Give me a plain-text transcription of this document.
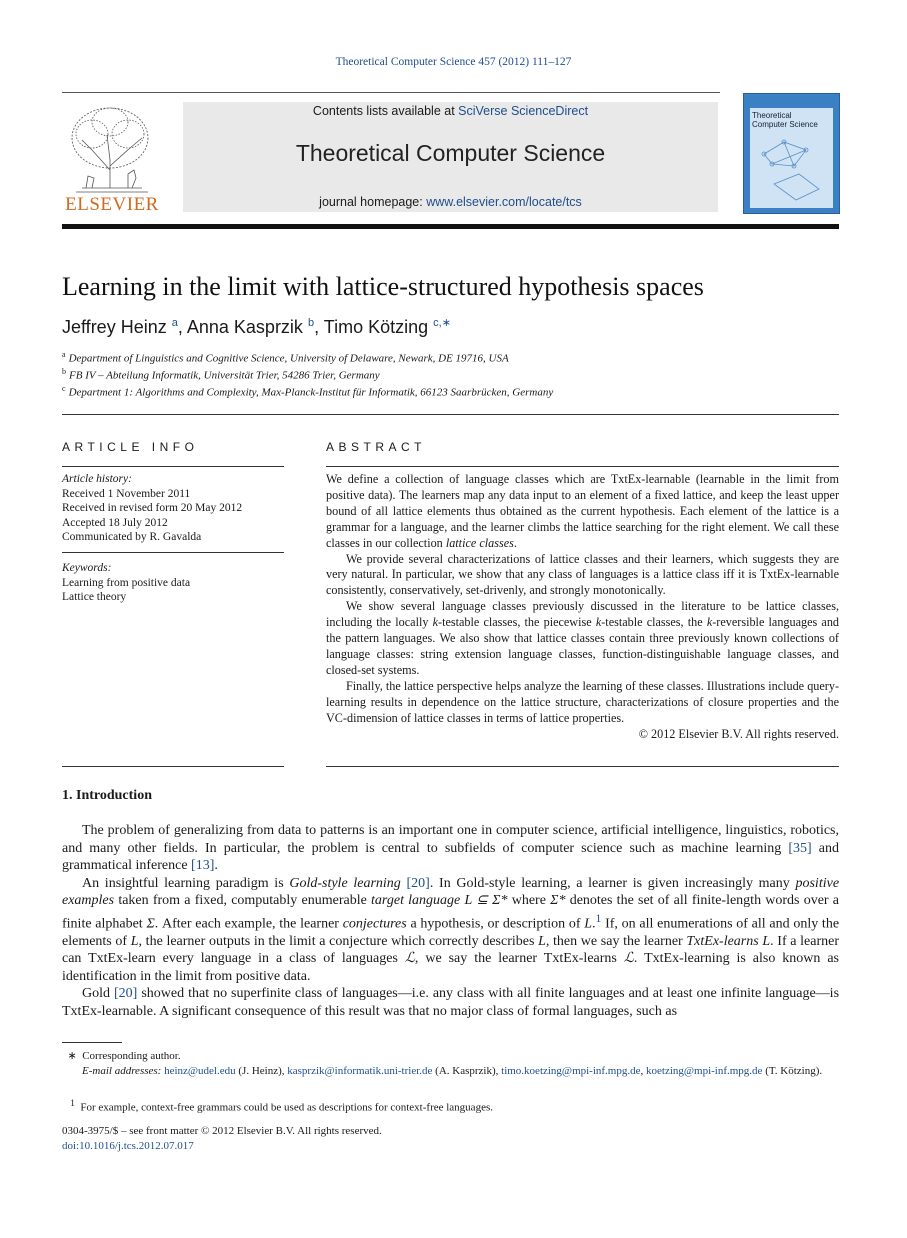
Theoretical Computer Science 457 (2012) 111–127
ELSEVIER
Contents lists available at SciVerse ScienceDirect
Theoretical Computer Science
journal homepage: www.elsevier.com/locate/tcs
Theoretical
Computer Science
Learning in the limit with lattice-structured hypothesis spaces
Jeffrey Heinz $^a$, Anna Kasprzik $^b$, Timo Kötzing $^{c,∗}$
$^a$ Department of Linguistics and Cognitive Science, University of Delaware, Newark, DE 19716, USA
$^b$ FB IV – Abteilung Informatik, Universität Trier, 54286 Trier, Germany
$^c$ Department 1: Algorithms and Complexity, Max-Planck-Institut für Informatik, 66123 Saarbrücken, Germany
ARTICLE INFO
Article history:
Received 1 November 2011
Received in revised form 20 May 2012
Accepted 18 July 2012
Communicated by R. Gavalda
Keywords:
Learning from positive data
Lattice theory
ABSTRACT

We define a collection of language classes which are TxtEx-learnable (learnable in the limit from positive data). The learners map any data input to an element of a fixed lattice, and keep the least upper bound of all lattice elements thus obtained as the current hypothesis. Each element of the lattice is a grammar for a language, and the learner climbs the lattice searching for the right element. We call these classes in our collection lattice classes.

We provide several characterizations of lattice classes and their learners, which suggests they are very natural. In particular, we show that any class of languages is a lattice class iff it is TxtEx-learnable consistently, conservatively, set-drivenly, and strongly monotonically.

We show several language classes previously discussed in the literature to be lattice classes, including the locally k-testable classes, the piecewise k-testable classes, the k-reversible languages and the pattern languages. We also show that lattice classes contain three previously known collections of language classes: string extension language classes, function-distinguishable language classes, and closed-set systems.

Finally, the lattice perspective helps analyze the learning of these classes. Illustrations include query-learning results in dependence on the lattice structure, characterizations of closure properties and the VC-dimension of lattice classes in terms of lattice properties.

© 2012 Elsevier B.V. All rights reserved.
1. Introduction

The problem of generalizing from data to patterns is an important one in computer science, artificial intelligence, linguistics, robotics, and many other fields. In particular, the problem is central to subfields of computer science such as machine learning [35] and grammatical inference [13].

An insightful learning paradigm is Gold-style learning [20]. In Gold-style learning, a learner is given increasingly many positive examples taken from a fixed, computably enumerable target language L ⊆ Σ* where Σ* denotes the set of all finite-length words over a finite alphabet Σ. After each example, the learner conjectures a hypothesis, or description of L.$^1$ If, on all enumerations of all and only the elements of L, the learner outputs in the limit a conjecture which correctly describes L, then we say the learner TxtEx-learns L. If a learner can TxtEx-learn every language in a class of languages ℒ, we say the learner TxtEx-learns ℒ. TxtEx-learning is also known as identification in the limit from positive data.

Gold [20] showed that no superfinite class of languages—i.e. any class with all finite languages and at least one infinite language—is TxtEx-learnable. A significant consequence of this result was that no major class of formal languages, such as

∗ Corresponding author.
E-mail addresses: heinz@udel.edu (J. Heinz), kasprzik@informatik.uni-trier.de (A. Kasprzik), timo.koetzing@mpi-inf.mpg.de, koetzing@mpi-inf.mpg.de (T. Kötzing).
$^1$ For example, context-free grammars could be used as descriptions for context-free languages.
0304-3975/$ – see front matter © 2012 Elsevier B.V. All rights reserved.
doi:10.1016/j.tcs.2012.07.017
